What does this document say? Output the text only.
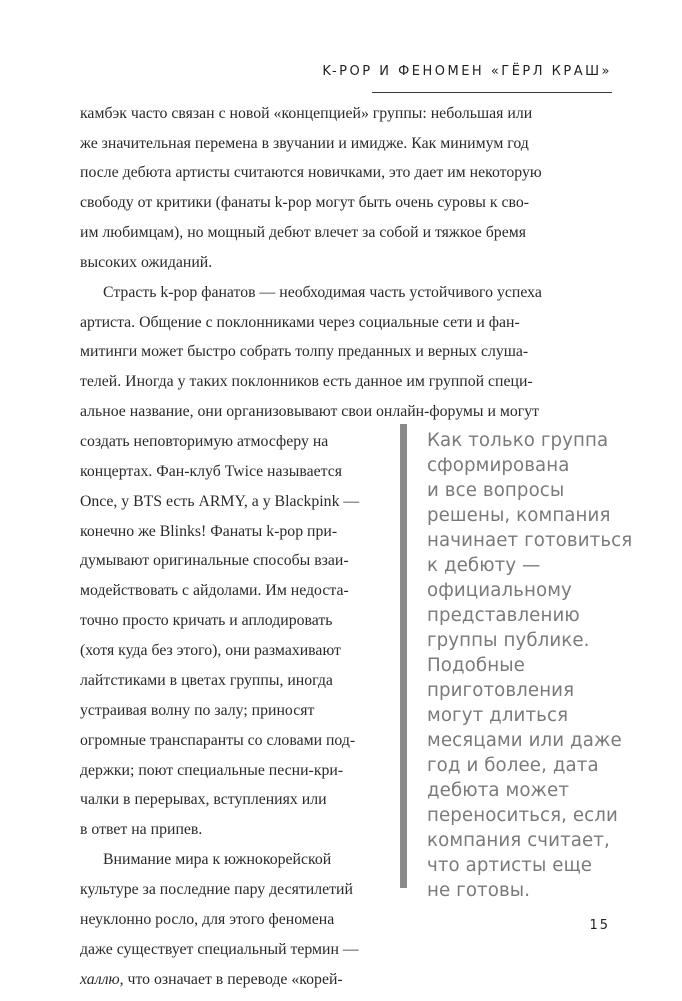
K-POP И ФЕНОМЕН «ГЁРЛ КРАШ»
камбэк часто связан с новой «концепцией» группы: небольшая или
же значительная перемена в звучании и имидже. Как минимум год
после дебюта артисты считаются новичками, это дает им некоторую
свободу от критики (фанаты k-pop могут быть очень суровы к сво-
им любимцам), но мощный дебют влечет за собой и тяжкое бремя
высоких ожиданий.
Страсть k-pop фанатов — необходимая часть устойчивого успеха
артиста. Общение с поклонниками через социальные сети и фан-
митинги может быстро собрать толпу преданных и верных слуша-
телей. Иногда у таких поклонников есть данное им группой специ-
альное название, они организовывают свои онлайн-форумы и могут
создать неповторимую атмосферу на
концертах. Фан-клуб Twice называется
Once, у BTS есть ARMY, а у Blackpink —
конечно же Blinks! Фанаты k-pop при-
думывают оригинальные способы взаи-
модействовать с айдолами. Им недоста-
точно просто кричать и аплодировать
(хотя куда без этого), они размахивают
лайтстиками в цветах группы, иногда
устраивая волну по залу; приносят
огромные транспаранты со словами под-
держки; поют специальные песни-кри-
чалки в перерывах, вступлениях или
в ответ на припев.
Внимание мира к южнокорейской
культуре за последние пару десятилетий
неуклонно росло, для этого феномена
даже существует специальный термин —
халлю, что означает в переводе «корей-
Как только группа
сформирована
и все вопросы
решены, компания
начинает готовиться
к дебюту —
официальному
представлению
группы публике.
Подобные
приготовления
могут длиться
месяцами или даже
год и более, дата
дебюта может
переноситься, если
компания считает,
что артисты еще
не готовы.
15
